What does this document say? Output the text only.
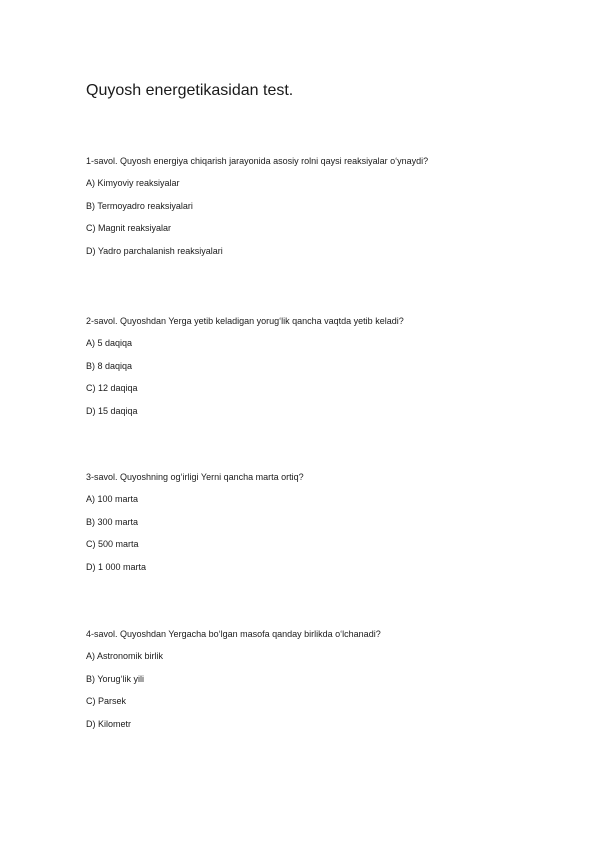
Quyosh energetikasidan test.

1-savol. Quyosh energiya chiqarish jarayonida asosiy rolni qaysi reaksiyalar o‘ynaydi?

A) Kimyoviy reaksiyalar

B) Termoyadro reaksiyalari

C) Magnit reaksiyalar

D) Yadro parchalanish reaksiyalari

2-savol. Quyoshdan Yerga yetib keladigan yorug‘lik qancha vaqtda yetib keladi?

A) 5 daqiqa

B) 8 daqiqa

C) 12 daqiqa

D) 15 daqiqa

3-savol. Quyoshning og‘irligi Yerni qancha marta ortiq?

A) 100 marta

B) 300 marta

C) 500 marta

D) 1 000 marta

4-savol. Quyoshdan Yergacha bo‘lgan masofa qanday birlikda o‘lchanadi?

A) Astronomik birlik

B) Yorug‘lik yili

C) Parsek

D) Kilometr
